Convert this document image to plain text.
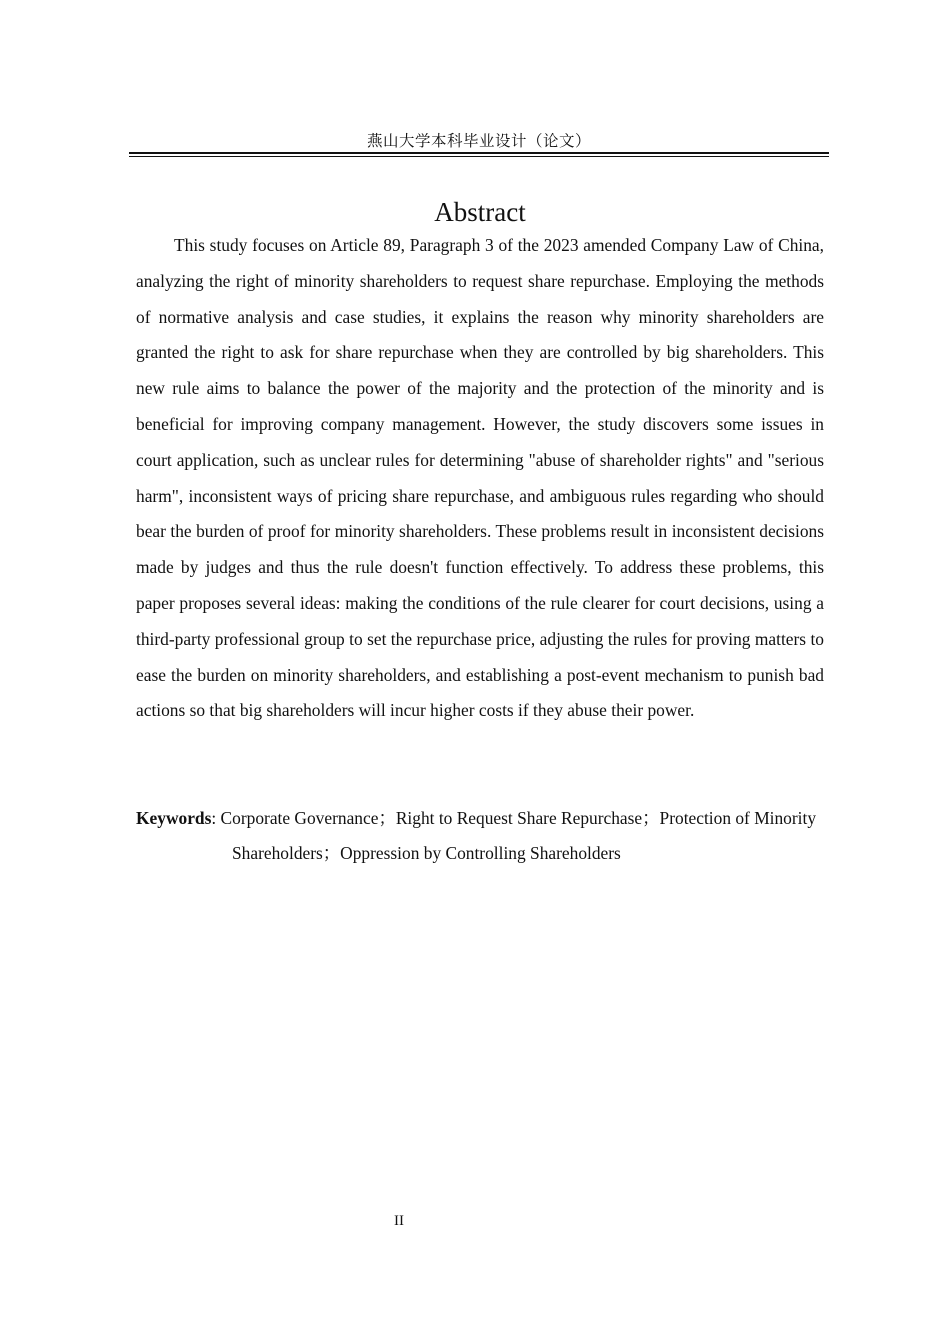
燕山大学本科毕业设计（论文）
Abstract

This study focuses on Article 89, Paragraph 3 of the 2023 amended Company Law of China, analyzing the right of minority shareholders to request share repurchase. Employing the methods of normative analysis and case studies, it explains the reason why minority shareholders are granted the right to ask for share repurchase when they are controlled by big shareholders. This new rule aims to balance the power of the majority and the protection of the minority and is beneficial for improving company management. However, the study discovers some issues in court application, such as unclear rules for determining "abuse of shareholder rights" and "serious harm", inconsistent ways of pricing share repurchase, and ambiguous rules regarding who should bear the burden of proof for minority shareholders. These problems result in inconsistent decisions made by judges and thus the rule doesn't function effectively. To address these problems, this paper proposes several ideas: making the conditions of the rule clearer for court decisions, using a third-party professional group to set the repurchase price, adjusting the rules for proving matters to ease the burden on minority shareholders, and establishing a post-event mechanism to punish bad actions so that big shareholders will incur higher costs if they abuse their power.

Keywords: Corporate Governance；Right to Request Share Repurchase；Protection of Minority Shareholders；Oppression by Controlling Shareholders

II
